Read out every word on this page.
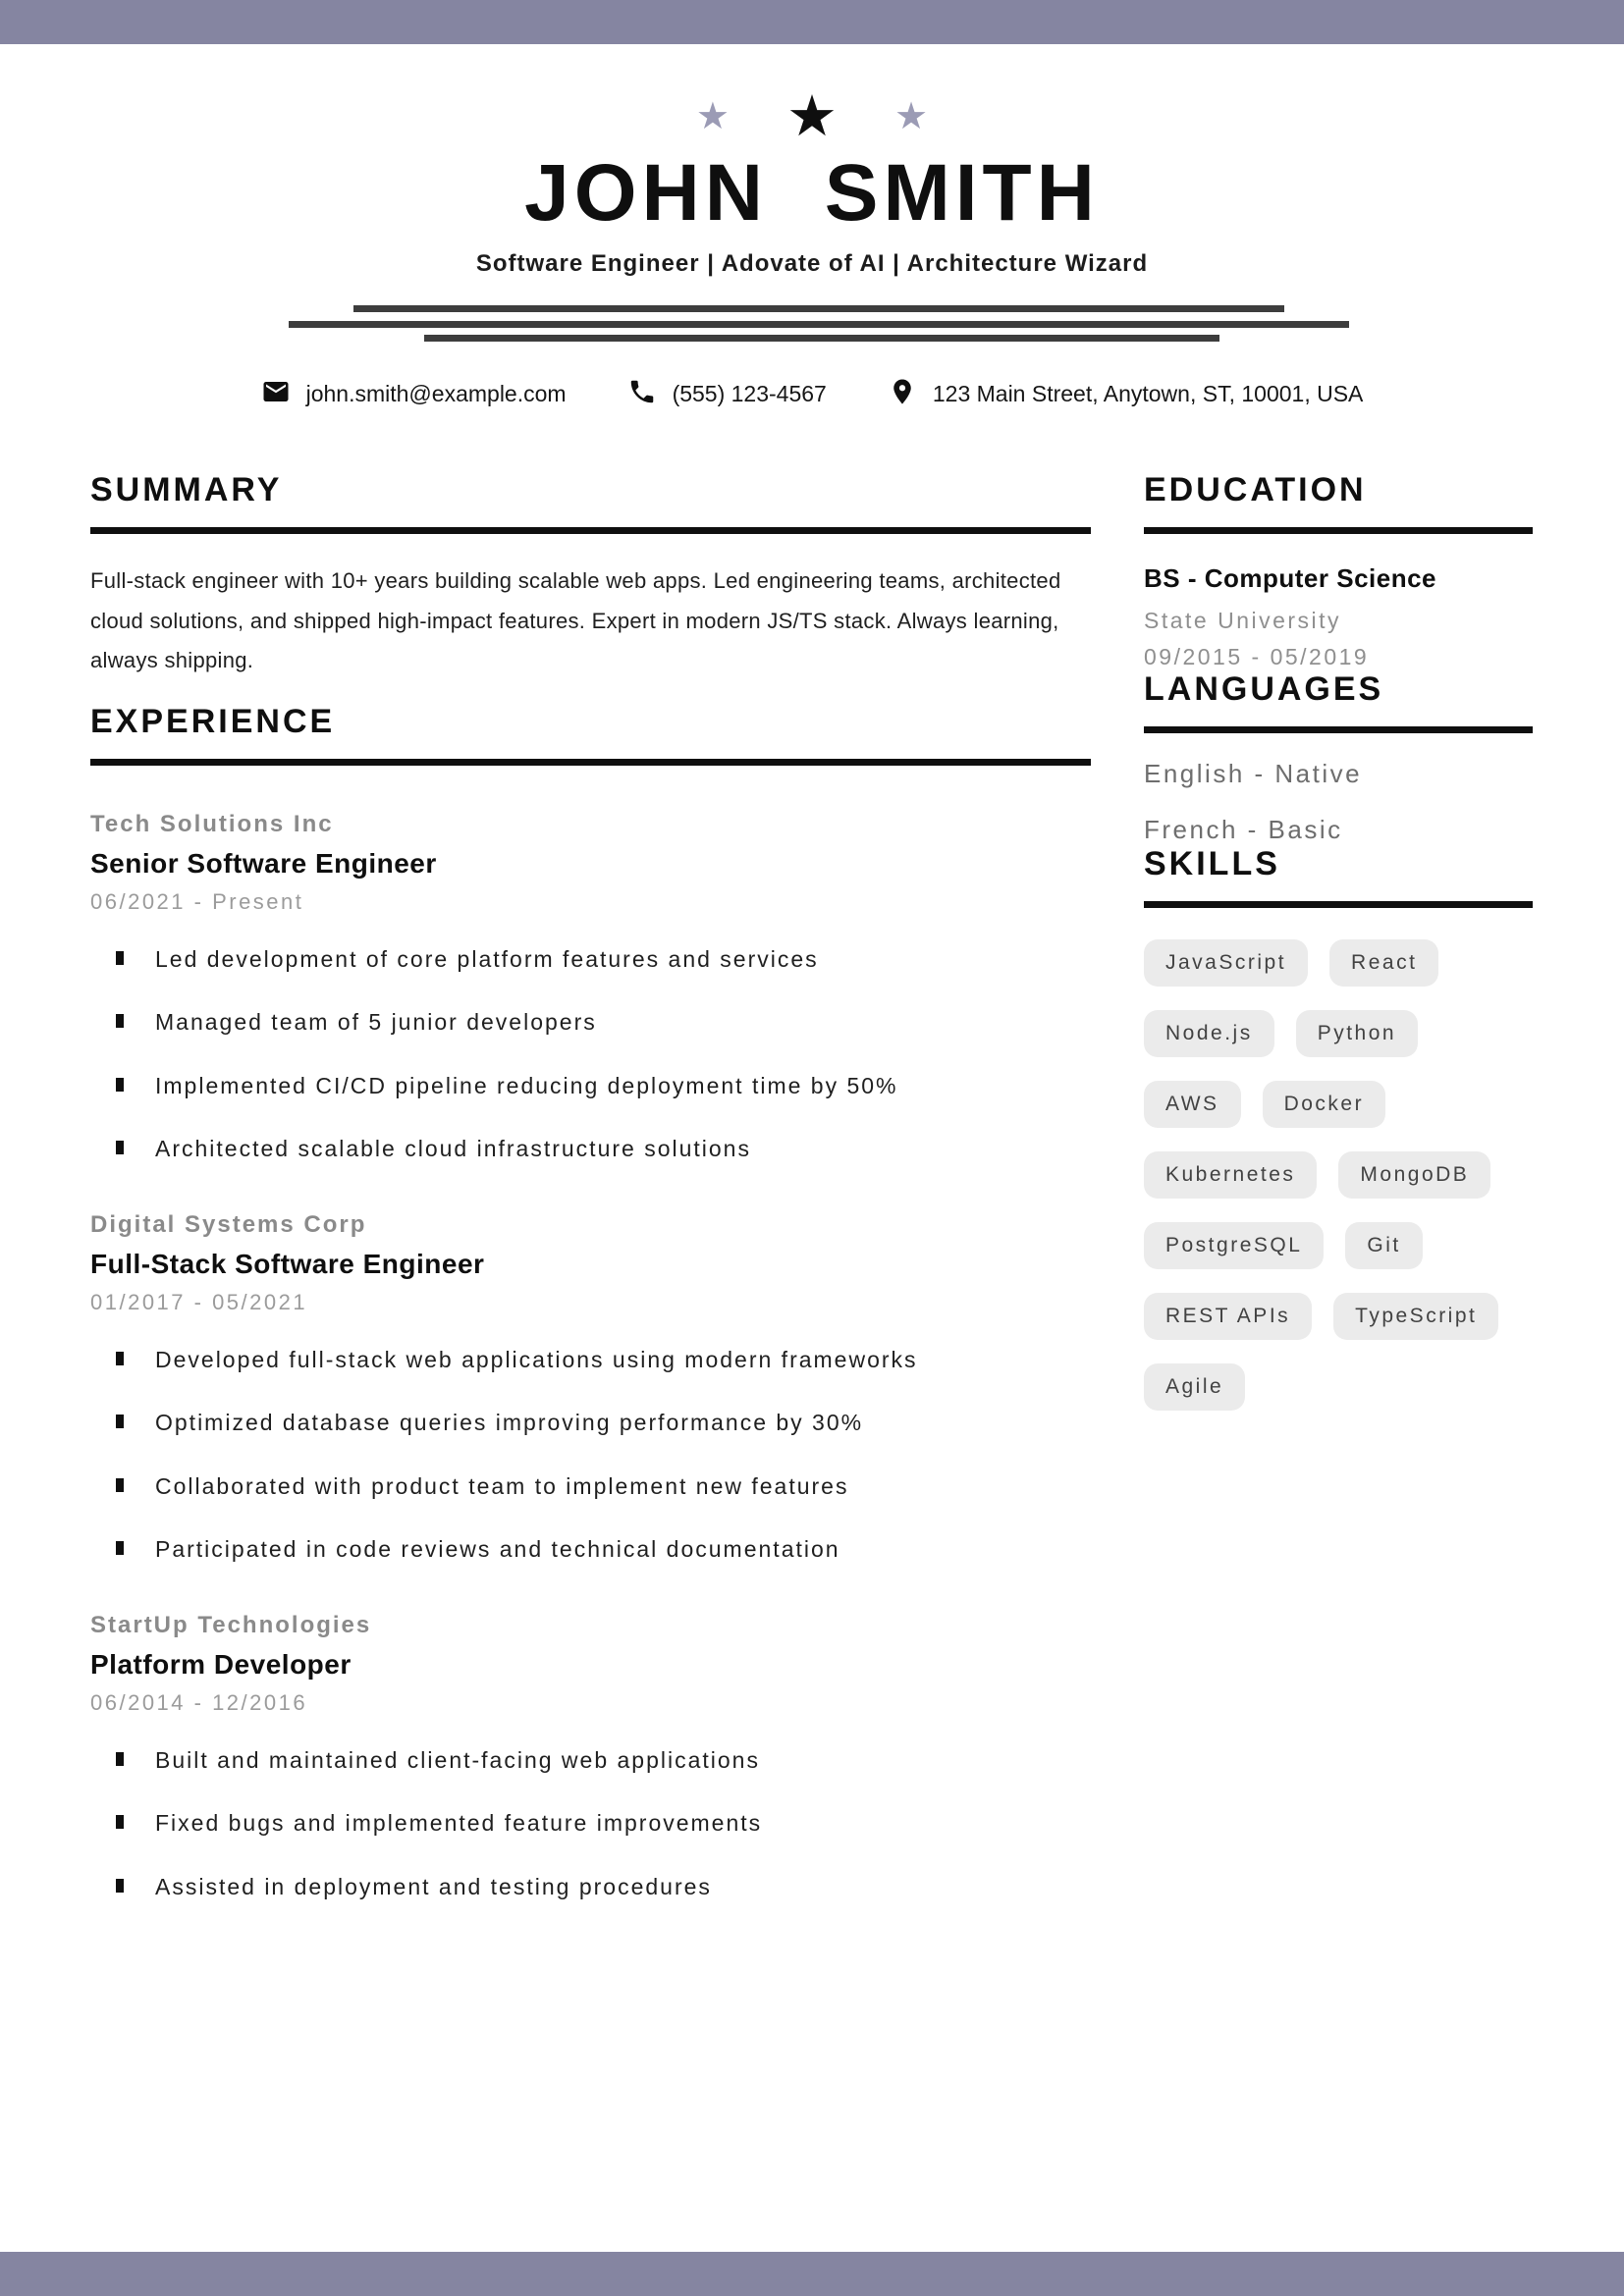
★ ★ ★
JOHN SMITH
Software Engineer | Adovate of AI | Architecture Wizard
john.smith@example.com	(555) 123-4567	123 Main Street, Anytown, ST, 10001, USA
SUMMARY

Full-stack engineer with 10+ years building scalable web apps. Led engineering teams, architected cloud solutions, and shipped high-impact features. Expert in modern JS/TS stack. Always learning, always shipping.

EXPERIENCE
Tech Solutions Inc
Senior Software Engineer
06/2021 - Present
Led development of core platform features and services
Managed team of 5 junior developers
Implemented CI/CD pipeline reducing deployment time by 50%
Architected scalable cloud infrastructure solutions
Digital Systems Corp
Full-Stack Software Engineer
01/2017 - 05/2021
Developed full-stack web applications using modern frameworks
Optimized database queries improving performance by 30%
Collaborated with product team to implement new features
Participated in code reviews and technical documentation
StartUp Technologies
Platform Developer
06/2014 - 12/2016
Built and maintained client-facing web applications
Fixed bugs and implemented feature improvements
Assisted in deployment and testing procedures
EDUCATION
BS - Computer Science
State University
09/2015 - 05/2019
LANGUAGES
English - Native
French - Basic
SKILLS
JavaScript	React
Node.js	Python
AWS	Docker
Kubernetes	MongoDB
PostgreSQL	Git
REST APIs	TypeScript
Agile
